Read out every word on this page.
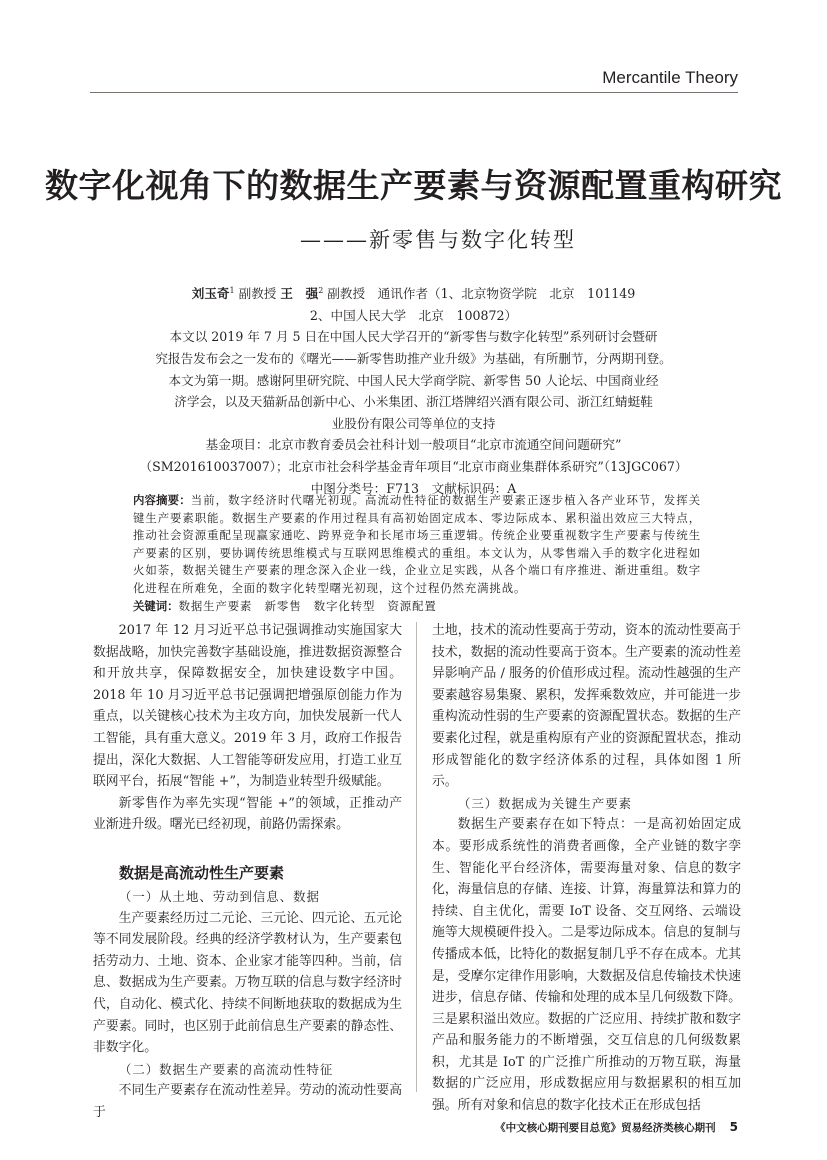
Mercantile Theory
数字化视角下的数据生产要素与资源配置重构研究
———新零售与数字化转型
刘玉奇$^1$ 副教授 王　强$^2$ 副教授　通讯作者（1、北京物资学院　北京　101149
2、中国人民大学　北京　100872）
本文以 2019 年 7 月 5 日在中国人民大学召开的“新零售与数字化转型”系列研讨会暨研
究报告发布会之一发布的《曙光——新零售助推产业升级》为基础，有所删节，分两期刊登。
本文为第一期。感谢阿里研究院、中国人民大学商学院、新零售 50 人论坛、中国商业经
济学会，以及天猫新品创新中心、小米集团、浙江塔牌绍兴酒有限公司、浙江红蜻蜓鞋
业股份有限公司等单位的支持
基金项目：北京市教育委员会社科计划一般项目“北京市流通空间问题研究”
（SM201610037007）；北京市社会科学基金青年项目“北京市商业集群体系研究”（13JGC067）
中图分类号：F713　文献标识码：A
内容摘要：当前，数字经济时代曙光初现。高流动性特征的数据生产要素正逐步植入各产业环节，发挥关键生产要素职能。数据生产要素的作用过程具有高初始固定成本、零边际成本、累积溢出效应三大特点，推动社会资源重配呈现赢家通吃、跨界竞争和长尾市场三重逻辑。传统企业要重视数字生产要素与传统生产要素的区别，要协调传统思维模式与互联网思维模式的重组。本文认为，从零售端入手的数字化进程如火如荼，数据关键生产要素的理念深入企业一线，企业立足实践，从各个端口有序推进、渐进重组。数字化进程在所难免，全面的数字化转型曙光初现，这个过程仍然充满挑战。
关键词：数据生产要素　新零售　数字化转型　资源配置

2017 年 12 月习近平总书记强调推动实施国家大数据战略，加快完善数字基础设施，推进数据资源整合和开放共享，保障数据安全，加快建设数字中国。2018 年 10 月习近平总书记强调把增强原创能力作为重点，以关键核心技术为主攻方向，加快发展新一代人工智能，具有重大意义。2019 年 3 月，政府工作报告提出，深化大数据、人工智能等研发应用，打造工业互联网平台，拓展“智能 +”，为制造业转型升级赋能。

新零售作为率先实现“智能 +”的领域，正推动产业渐进升级。曙光已经初现，前路仍需探索。

数据是高流动性生产要素
（一）从土地、劳动到信息、数据

生产要素经历过二元论、三元论、四元论、五元论等不同发展阶段。经典的经济学教材认为，生产要素包括劳动力、土地、资本、企业家才能等四种。当前，信息、数据成为生产要素。万物互联的信息与数字经济时代，自动化、模式化、持续不间断地获取的数据成为生产要素。同时，也区别于此前信息生产要素的静态性、非数字化。

（二）数据生产要素的高流动性特征

不同生产要素存在流动性差异。劳动的流动性要高于

土地，技术的流动性要高于劳动，资本的流动性要高于技术，数据的流动性要高于资本。生产要素的流动性差异影响产品 / 服务的价值形成过程。流动性越强的生产要素越容易集聚、累积，发挥乘数效应，并可能进一步重构流动性弱的生产要素的资源配置状态。数据的生产要素化过程，就是重构原有产业的资源配置状态，推动形成智能化的数字经济体系的过程，具体如图 1 所示。

（三）数据成为关键生产要素

数据生产要素存在如下特点：一是高初始固定成本。要形成系统性的消费者画像，全产业链的数字孪生、智能化平台经济体，需要海量对象、信息的数字化，海量信息的存储、连接、计算，海量算法和算力的持续、自主优化，需要 IoT 设备、交互网络、云端设施等大规模硬件投入。二是零边际成本。信息的复制与传播成本低，比特化的数据复制几乎不存在成本。尤其是，受摩尔定律作用影响，大数据及信息传输技术快速进步，信息存储、传输和处理的成本呈几何级数下降。三是累积溢出效应。数据的广泛应用、持续扩散和数字产品和服务能力的不断增强，交互信息的几何级数累积，尤其是 IoT 的广泛推广所推动的万物互联，海量数据的广泛应用，形成数据应用与数据累积的相互加强。所有对象和信息的数字化技术正在形成包括

《中文核心期刊要目总览》贸易经济类核心期刊 5
